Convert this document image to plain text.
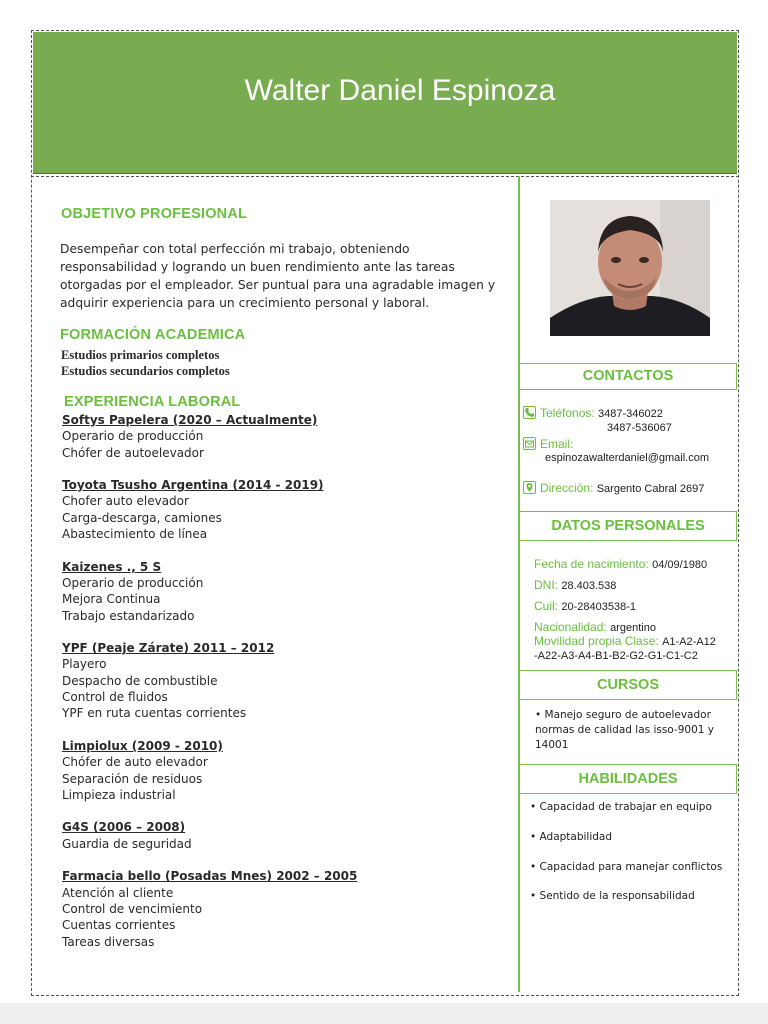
Walter Daniel Espinoza
OBJETIVO PROFESIONAL
Desempeñar con total perfección mi trabajo, obteniendo responsabilidad y logrando un buen rendimiento ante las tareas otorgadas por el empleador. Ser puntual para una agradable imagen y adquirir experiencia para un crecimiento personal y laboral.
FORMACIÓN ACADEMICA
Estudios primarios completos
Estudios secundarios completos
EXPERIENCIA LABORAL
Softys Papelera (2020 – Actualmente)
Operario de producción
Chófer de autoelevador
Toyota Tsusho Argentina (2014 - 2019)
Chofer auto elevador
Carga-descarga, camiones
Abastecimiento de línea
Kaizenes ., 5 S
Operario de producción
Mejora Continua
Trabajo estandarizado
YPF (Peaje Zárate) 2011 – 2012
Playero
Despacho de combustible
Control de fluidos
YPF en ruta cuentas corrientes
Limpiolux (2009 - 2010)
Chófer de auto elevador
Separación de residuos
Limpieza industrial
G4S (2006 – 2008)
Guardia de seguridad
Farmacia bello (Posadas Mnes) 2002 – 2005
Atención al cliente
Control de vencimiento
Cuentas corrientes
Tareas diversas
CONTACTOS
Teléfonos: 3487-346022
3487-536067
Email:
espinozawalterdaniel@gmail.com
Dirección: Sargento Cabral 2697
DATOS PERSONALES
Fecha de nacimiento: 04/09/1980
DNI: 28.403.538
Cuil: 20-28403538-1
Nacionalidad: argentino
Movilidad propia Clase: A1-A2-A12
-A22-A3-A4-B1-B2-G2-G1-C1-C2
CURSOS
• Manejo seguro de autoelevador normas de calidad las isso-9001 y 14001
HABILIDADES
• Capacidad de trabajar en equipo
• Adaptabilidad
• Capacidad para manejar conflictos
• Sentido de la responsabilidad
